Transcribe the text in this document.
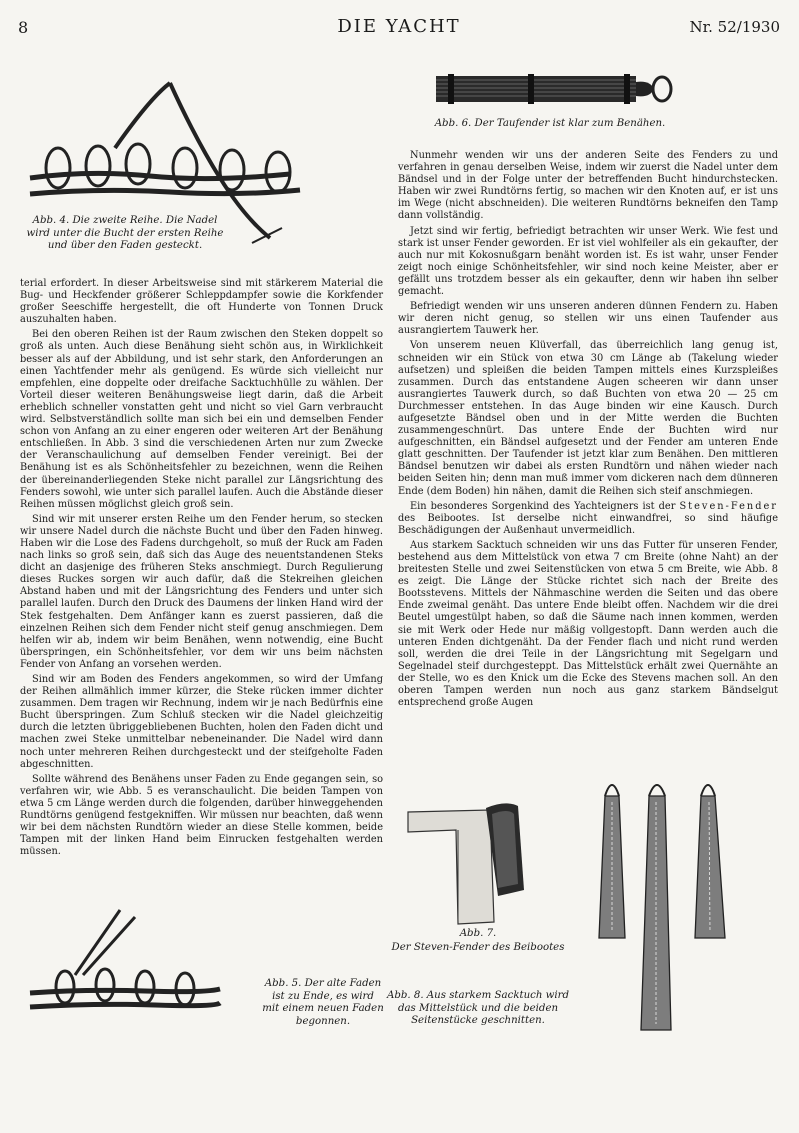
8	DIE YACHT	Nr. 52/1930
Abb. 4. Die zweite Reihe. Die Nadel wird unter die Bucht der ersten Reihe und über den Faden gesteckt.
Abb. 6. Der Taufender ist klar zum Benähen.

terial erfordert. In dieser Arbeitsweise sind mit stärkerem Material die Bug- und Heckfender größerer Schleppdampfer sowie die Korkfender großer Seeschiffe hergestellt, die oft Hunderte von Tonnen Druck auszuhalten haben.

Bei den oberen Reihen ist der Raum zwischen den Steken doppelt so groß als unten. Auch diese Benähung sieht schön aus, in Wirklichkeit besser als auf der Abbildung, und ist sehr stark, den Anforderungen an einen Yachtfender mehr als genügend. Es würde sich vielleicht nur empfehlen, eine doppelte oder dreifache Sacktuchhülle zu wählen. Der Vorteil dieser weiteren Benähungsweise liegt darin, daß die Arbeit erheblich schneller vonstatten geht und nicht so viel Garn verbraucht wird. Selbstverständlich sollte man sich bei ein und demselben Fender schon von Anfang an zu einer engeren oder weiteren Art der Benähung entschließen. In Abb. 3 sind die verschiedenen Arten nur zum Zwecke der Veranschaulichung auf demselben Fender vereinigt. Bei der Benähung ist es als Schönheitsfehler zu bezeichnen, wenn die Reihen der übereinanderliegenden Steke nicht parallel zur Längsrichtung des Fenders sowohl, wie unter sich parallel laufen. Auch die Abstände dieser Reihen müssen möglichst gleich groß sein.

Sind wir mit unserer ersten Reihe um den Fender herum, so stecken wir unsere Nadel durch die nächste Bucht und über den Faden hinweg. Haben wir die Lose des Fadens durchgeholt, so muß der Ruck am Faden nach links so groß sein, daß sich das Auge des neuentstandenen Steks dicht an dasjenige des früheren Steks anschmiegt. Durch Regulierung dieses Ruckes sorgen wir auch dafür, daß die Stekreihen gleichen Abstand haben und mit der Längsrichtung des Fenders und unter sich parallel laufen. Durch den Druck des Daumens der linken Hand wird der Stek festgehalten. Dem Anfänger kann es zuerst passieren, daß die einzelnen Reihen sich dem Fender nicht steif genug anschmiegen. Dem helfen wir ab, indem wir beim Benähen, wenn notwendig, eine Bucht überspringen, ein Schönheitsfehler, vor dem wir uns beim nächsten Fender von Anfang an vorsehen werden.

Sind wir am Boden des Fenders angekommen, so wird der Umfang der Reihen allmählich immer kürzer, die Steke rücken immer dichter zusammen. Dem tragen wir Rechnung, indem wir je nach Bedürfnis eine Bucht überspringen. Zum Schluß stecken wir die Nadel gleichzeitig durch die letzten übriggebliebenen Buchten, holen den Faden dicht und machen zwei Steke unmittelbar nebeneinander. Die Nadel wird dann noch unter mehreren Reihen durchgesteckt und der steifgeholte Faden abgeschnitten.

Sollte während des Benähens unser Faden zu Ende gegangen sein, so verfahren wir, wie Abb. 5 es veranschaulicht. Die beiden Tampen von etwa 5 cm Länge werden durch die folgenden, darüber hinweggehenden Rundtörns genügend festgekniffen. Wir müssen nur beachten, daß wenn wir bei dem nächsten Rundtörn wieder an diese Stelle kommen, beide Tampen mit der linken Hand beim Einrucken festgehalten werden müssen.

Abb. 5. Der alte Faden ist zu Ende, es wird mit einem neuen Faden begonnen.

Nunmehr wenden wir uns der anderen Seite des Fenders zu und verfahren in genau derselben Weise, indem wir zuerst die Nadel unter dem Bändsel und in der Folge unter der betreffenden Bucht hindurchstecken. Haben wir zwei Rundtörns fertig, so machen wir den Knoten auf, er ist uns im Wege (nicht abschneiden). Die weiteren Rundtörns bekneifen den Tamp dann vollständig.

Jetzt sind wir fertig, befriedigt betrachten wir unser Werk. Wie fest und stark ist unser Fender geworden. Er ist viel wohlfeiler als ein gekaufter, der auch nur mit Kokosnußgarn benäht worden ist. Es ist wahr, unser Fender zeigt noch einige Schönheitsfehler, wir sind noch keine Meister, aber er gefällt uns trotzdem besser als ein gekaufter, denn wir haben ihn selber gemacht.

Befriedigt wenden wir uns unseren anderen dünnen Fendern zu. Haben wir deren nicht genug, so stellen wir uns einen Taufender aus ausrangiertem Tauwerk her.

Von unserem neuen Klüverfall, das überreichlich lang genug ist, schneiden wir ein Stück von etwa 30 cm Länge ab (Takelung wieder aufsetzen) und spleißen die beiden Tampen mittels eines Kurzspleißes zusammen. Durch das entstandene Augen scheeren wir dann unser ausrangiertes Tauwerk durch, so daß Buchten von etwa 20 — 25 cm Durchmesser entstehen. In das Auge binden wir eine Kausch. Durch aufgesetzte Bändsel oben und in der Mitte werden die Buchten zusammengeschnürt. Das untere Ende der Buchten wird nur aufgeschnitten, ein Bändsel aufgesetzt und der Fender am unteren Ende glatt geschnitten. Der Taufender ist jetzt klar zum Benähen. Den mittleren Bändsel benutzen wir dabei als ersten Rundtörn und nähen wieder nach beiden Seiten hin; denn man muß immer vom dickeren nach dem dünneren Ende (dem Boden) hin nähen, damit die Reihen sich steif anschmiegen.

Ein besonderes Sorgenkind des Yachteigners ist der Steven-Fender des Beibootes. Ist derselbe nicht einwandfrei, so sind häufige Beschädigungen der Außenhaut unvermeidlich.

Aus starkem Sacktuch schneiden wir uns das Futter für unseren Fender, bestehend aus dem Mittelstück von etwa 7 cm Breite (ohne Naht) an der breitesten Stelle und zwei Seitenstücken von etwa 5 cm Breite, wie Abb. 8 es zeigt. Die Länge der Stücke richtet sich nach der Breite des Bootsstevens. Mittels der Nähmaschine werden die Seiten und das obere Ende zweimal genäht. Das untere Ende bleibt offen. Nachdem wir die drei Beutel umgestülpt haben, so daß die Säume nach innen kommen, werden sie mit Werk oder Hede nur mäßig vollgestopft. Dann werden auch die unteren Enden dichtgenäht. Da der Fender flach und nicht rund werden soll, werden die drei Teile in der Längsrichtung mit Segelgarn und Segelnadel steif durchgesteppt. Das Mittelstück erhält zwei Quernähte an der Stelle, wo es den Knick um die Ecke des Stevens machen soll. An den oberen Tampen werden nun noch aus ganz starkem Bändselgut entsprechend große Augen

Abb. 7.
Der Steven-Fender des Beibootes
Abb. 8. Aus starkem Sacktuch wird das Mittelstück und die beiden Seitenstücke geschnitten.
